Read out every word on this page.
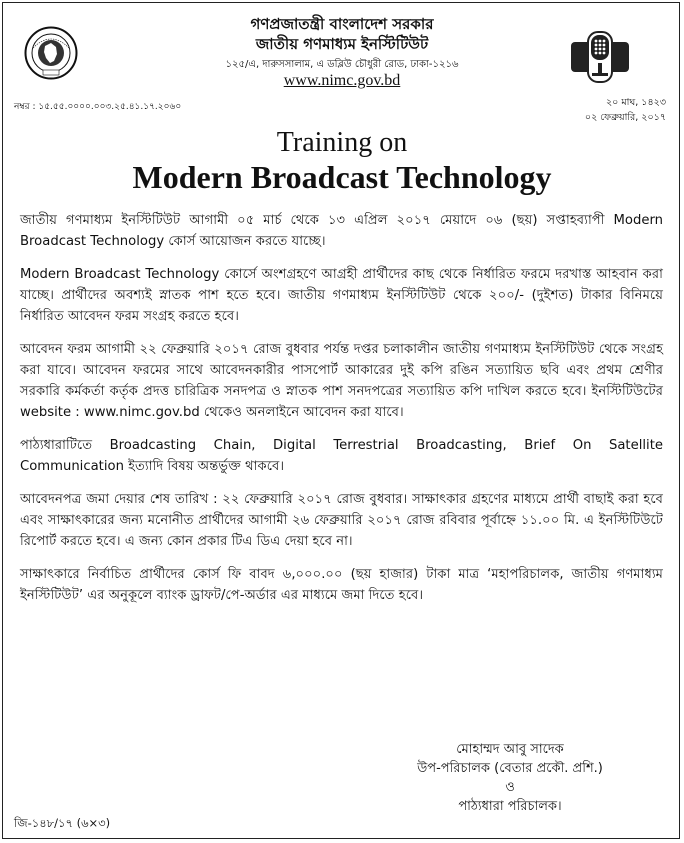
গণপ্রজাতন্ত্রী বাংলাদেশ সরকার
জাতীয় গণমাধ্যম ইনস্টিটিউট
১২৫/এ, দারুসসালাম, এ ডব্লিউ চৌধুরী রোড, ঢাকা-১২১৬
www.nimc.gov.bd
নম্বর : ১৫.৫৫.০০০০.০০৩.২৫.৪১.১৭.২০৬০	২০ মাঘ, ১৪২৩
০২ ফেব্রুয়ারি, ২০১৭
Training on
Modern Broadcast Technology

জাতীয় গণমাধ্যম ইনস্টিটিউট আগামী ০৫ মার্চ থেকে ১৩ এপ্রিল ২০১৭ মেয়াদে ০৬ (ছয়) সপ্তাহব্যাপী Modern Broadcast Technology কোর্স আয়োজন করতে যাচ্ছে।

Modern Broadcast Technology কোর্সে অংশগ্রহণে আগ্রহী প্রার্থীদের কাছ থেকে নির্ধারিত ফরমে দরখাস্ত আহবান করা যাচ্ছে। প্রার্থীদের অবশ্যই স্নাতক পাশ হতে হবে। জাতীয় গণমাধ্যম ইনস্টিটিউট থেকে ২০০/- (দুইশত) টাকার বিনিময়ে নির্ধারিত আবেদন ফরম সংগ্রহ করতে হবে।

আবেদন ফরম আগামী ২২ ফেব্রুয়ারি ২০১৭ রোজ বুধবার পর্যন্ত দপ্তর চলাকালীন জাতীয় গণমাধ্যম ইনস্টিটিউট থেকে সংগ্রহ করা যাবে। আবেদন ফরমের সাথে আবেদনকারীর পাসপোর্ট আকারের দুই কপি রঙিন সত্যায়িত ছবি এবং প্রথম শ্রেণীর সরকারি কর্মকর্তা কর্তৃক প্রদত্ত চারিত্রিক সনদপত্র ও স্নাতক পাশ সনদপত্রের সত্যায়িত কপি দাখিল করতে হবে। ইনস্টিটিউটের website : www.nimc.gov.bd থেকেও অনলাইনে আবেদন করা যাবে।

পাঠ্যধারাটিতে Broadcasting Chain, Digital Terrestrial Broadcasting, Brief On Satellite Communication ইত্যাদি বিষয় অন্তর্ভুক্ত থাকবে।

আবেদনপত্র জমা দেয়ার শেষ তারিখ : ২২ ফেব্রুয়ারি ২০১৭ রোজ বুধবার। সাক্ষাৎকার গ্রহণের মাধ্যমে প্রার্থী বাছাই করা হবে এবং সাক্ষাৎকারের জন্য মনোনীত প্রার্থীদের আগামী ২৬ ফেব্রুয়ারি ২০১৭ রোজ রবিবার পূর্বাহ্নে ১১.০০ মি. এ ইনস্টিটিউটে রিপোর্ট করতে হবে। এ জন্য কোন প্রকার টিএ ডিএ দেয়া হবে না।

সাক্ষাৎকারে নির্বাচিত প্রার্থীদের কোর্স ফি বাবদ ৬,০০০.০০ (ছয় হাজার) টাকা মাত্র ‘মহাপরিচালক, জাতীয় গণমাধ্যম ইনস্টিটিউট’ এর অনুকূলে ব্যাংক ড্রাফট/পে-অর্ডার এর মাধ্যমে জমা দিতে হবে।

মোহাম্মদ আবু সাদেক
উপ-পরিচালক (বেতার প্রকৌ. প্রশি.)
ও
পাঠ্যধারা পরিচালক।
জি-১৪৮/১৭ (৬×৩)
